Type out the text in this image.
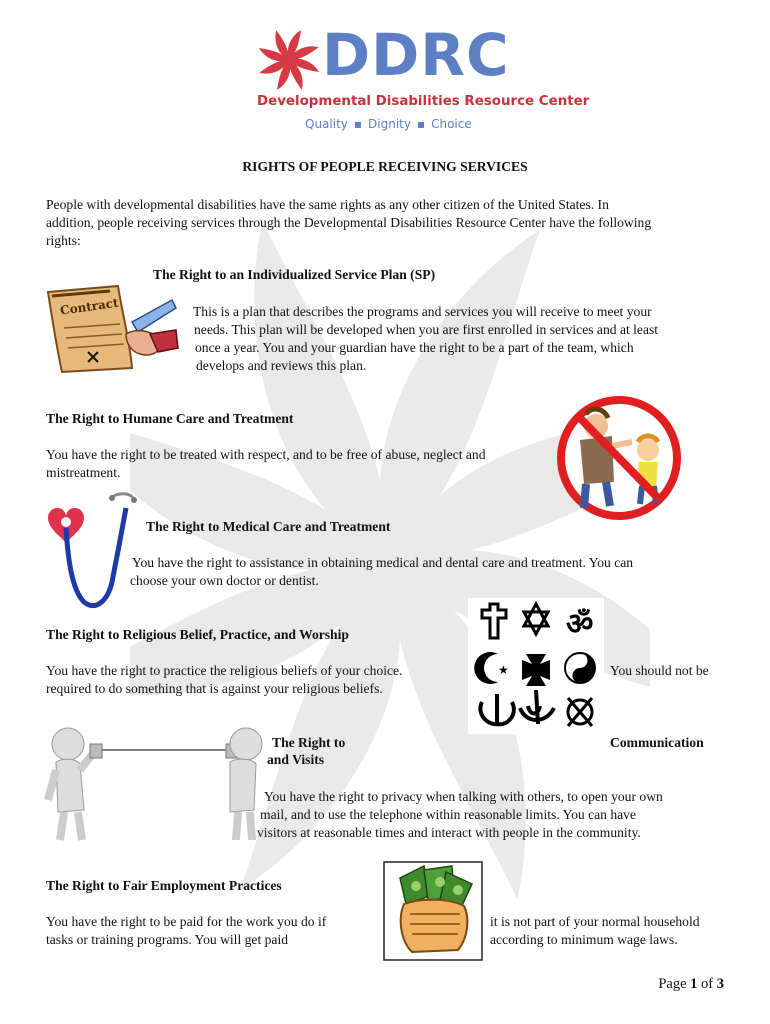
DDRC
Developmental Disabilities Resource Center
Quality ▪ Dignity ▪ Choice
RIGHTS OF PEOPLE RECEIVING SERVICES
People with developmental disabilities have the same rights as any other citizen of the United States. In
addition, people receiving services through the Developmental Disabilities Resource Center have the following
rights:
The Right to an Individualized Service Plan (SP)
Contract	This is a plan that describes the programs and services you will receive to meet your
needs. This plan will be developed when you are first enrolled in services and at least
once a year. You and your guardian have the right to be a part of the team, which
develops and reviews this plan.
The Right to Humane Care and Treatment
You have the right to be treated with respect, and to be free of abuse, neglect and
mistreatment.
The Right to Medical Care and Treatment
You have the right to assistance in obtaining medical and dental care and treatment. You can
choose your own doctor or dentist.
The Right to Religious Belief, Practice, and Worship
You have the right to practice the religious beliefs of your choice.	You should not be
required to do something that is against your religious beliefs.
ॐ
★
The Right to	Communication
and Visits
You have the right to privacy when talking with others, to open your own
mail, and to use the telephone within reasonable limits. You can have
visitors at reasonable times and interact with people in the community.
The Right to Fair Employment Practices
You have the right to be paid for the work you do if
tasks or training programs. You will get paid
it is not part of your normal household
according to minimum wage laws.
Page 1 of 3
